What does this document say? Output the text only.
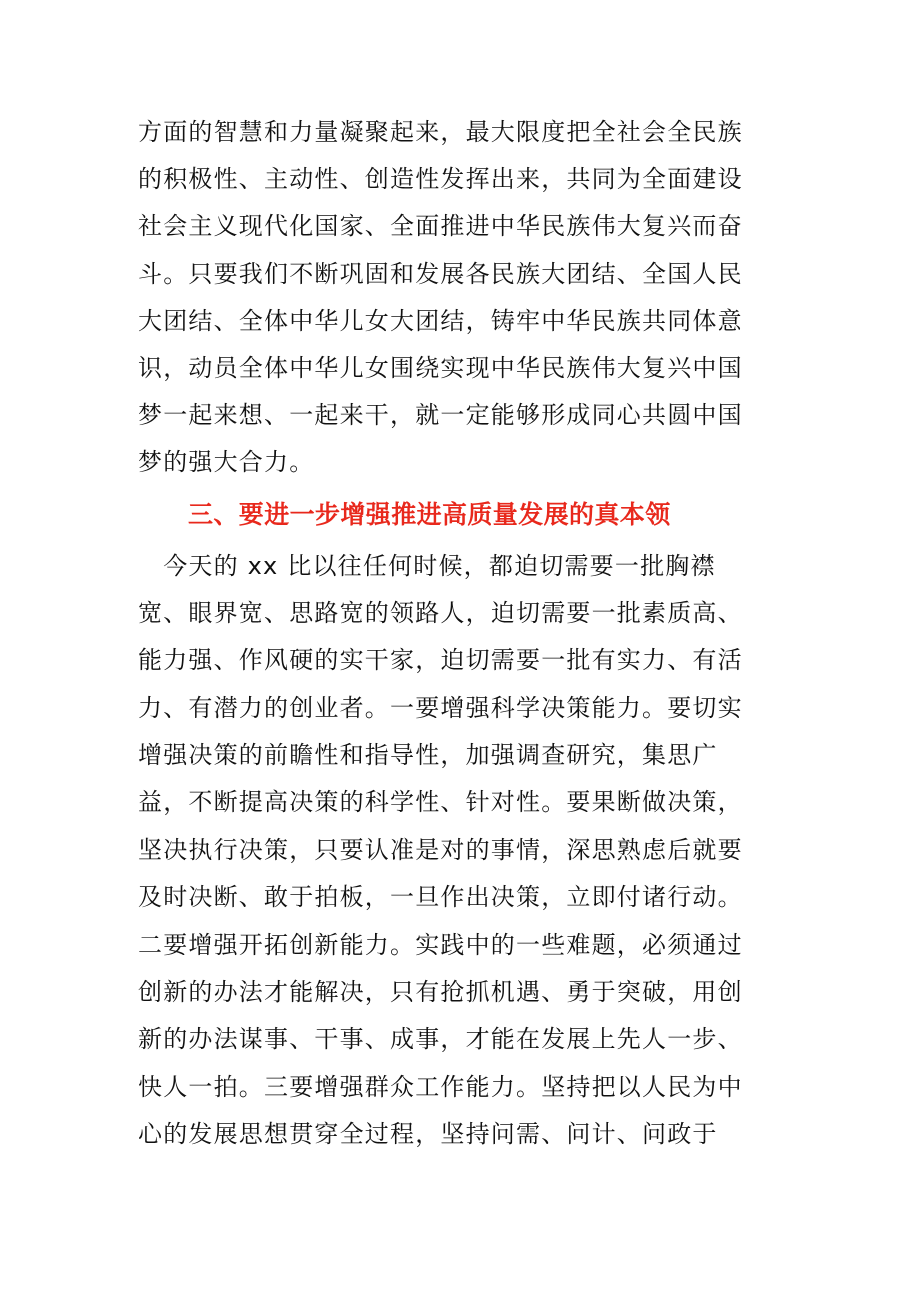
方面的智慧和力量凝聚起来，最大限度把全社会全民族

的积极性、主动性、创造性发挥出来，共同为全面建设

社会主义现代化国家、全面推进中华民族伟大复兴而奋

斗。只要我们不断巩固和发展各民族大团结、全国人民

大团结、全体中华儿女大团结，铸牢中华民族共同体意

识，动员全体中华儿女围绕实现中华民族伟大复兴中国

梦一起来想、一起来干，就一定能够形成同心共圆中国

梦的强大合力。

三、要进一步增强推进高质量发展的真本领

　今天的 xx 比以往任何时候，都迫切需要一批胸襟

宽、眼界宽、思路宽的领路人，迫切需要一批素质高、

能力强、作风硬的实干家，迫切需要一批有实力、有活

力、有潜力的创业者。一要增强科学决策能力。要切实

增强决策的前瞻性和指导性，加强调查研究，集思广

益，不断提高决策的科学性、针对性。要果断做决策，

坚决执行决策，只要认准是对的事情，深思熟虑后就要

及时决断、敢于拍板，一旦作出决策，立即付诸行动。

二要增强开拓创新能力。实践中的一些难题，必须通过

创新的办法才能解决，只有抢抓机遇、勇于突破，用创

新的办法谋事、干事、成事，才能在发展上先人一步、

快人一拍。三要增强群众工作能力。坚持把以人民为中

心的发展思想贯穿全过程，坚持问需、问计、问政于
